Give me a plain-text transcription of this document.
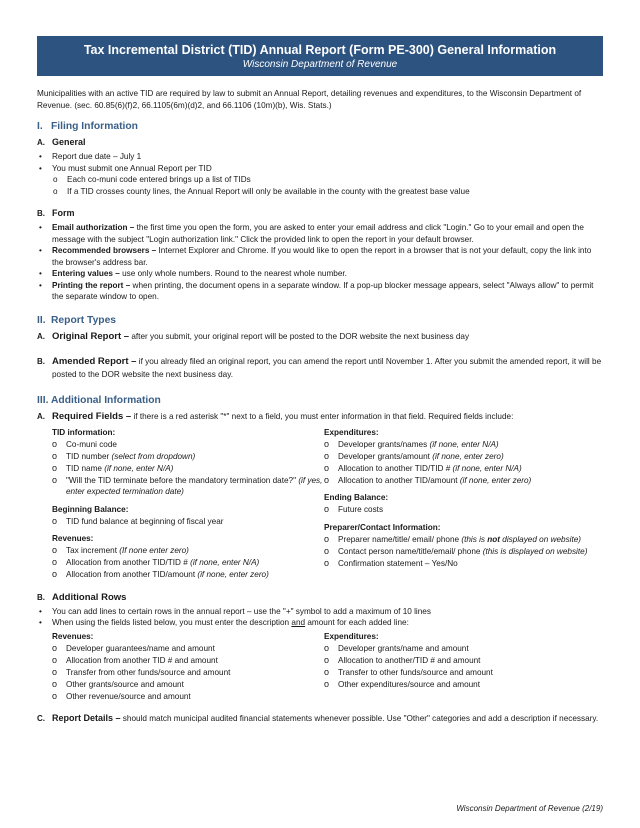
Tax Incremental District (TID) Annual Report (Form PE-300) General Information
Wisconsin Department of Revenue

Municipalities with an active TID are required by law to submit an Annual Report, detailing revenues and expenditures, to the Wisconsin Department of Revenue. (sec. 60.85(6)(f)2, 66.1105(6m)(d)2, and 66.1106 (10m)(b), Wis. Stats.)

I. Filing Information
A. General
• Report due date – July 1
• You must submit one Annual Report per TID
o Each co-muni code entered brings up a list of TIDs
o If a TID crosses county lines, the Annual Report will only be available in the county with the greatest base value
B. Form
• Email authorization – the first time you open the form, you are asked to enter your email address and click "Login." Go to your email and open the message with the subject "Login authorization link." Click the provided link to open the report in your default browser.
• Recommended browsers – Internet Explorer and Chrome. If you would like to open the report in a browser that is not your default, copy the link into the browser's address bar.
• Entering values – use only whole numbers. Round to the nearest whole number.
• Printing the report – when printing, the document opens in a separate window. If a pop-up blocker message appears, select "Always allow" to permit the separate window to open.
II. Report Types
A. Original Report – after you submit, your original report will be posted to the DOR website the next business day
B. Amended Report – if you already filed an original report, you can amend the report until November 1. After you submit the amended report, it will be posted to the DOR website the next business day.
III. Additional Information
A. Required Fields – if there is a red asterisk "*" next to a field, you must enter information in that field. Required fields include:
TID information:
o Co-muni code
o TID number (select from dropdown)
o TID name (if none, enter N/A)
o "Will the TID terminate before the mandatory termination date?" (if yes, enter expected termination date)
Beginning Balance:
o TID fund balance at beginning of fiscal year
Revenues:
o Tax increment (If none enter zero)
o Allocation from another TID/TID # (if none, enter N/A)
o Allocation from another TID/amount (if none, enter zero)
Expenditures:
o Developer grants/names (if none, enter N/A)
o Developer grants/amount (if none, enter zero)
o Allocation to another TID/TID # (if none, enter N/A)
o Allocation to another TID/amount (if none, enter zero)
Ending Balance:
o Future costs
Preparer/Contact Information:
o Preparer name/title/ email/ phone (this is not displayed on website)
o Contact person name/title/email/ phone (this is displayed on website)
o Confirmation statement – Yes/No
B. Additional Rows
• You can add lines to certain rows in the annual report – use the "+" symbol to add a maximum of 10 lines
• When using the fields listed below, you must enter the description and amount for each added line:
Revenues:
o Developer guarantees/name and amount
o Allocation from another TID # and amount
o Transfer from other funds/source and amount
o Other grants/source and amount
o Other revenue/source and amount
Expenditures:
o Developer grants/name and amount
o Allocation to another/TID # and amount
o Transfer to other funds/source and amount
o Other expenditures/source and amount
C. Report Details – should match municipal audited financial statements whenever possible. Use "Other" categories and add a description if necessary.
Wisconsin Department of Revenue (2/19)
